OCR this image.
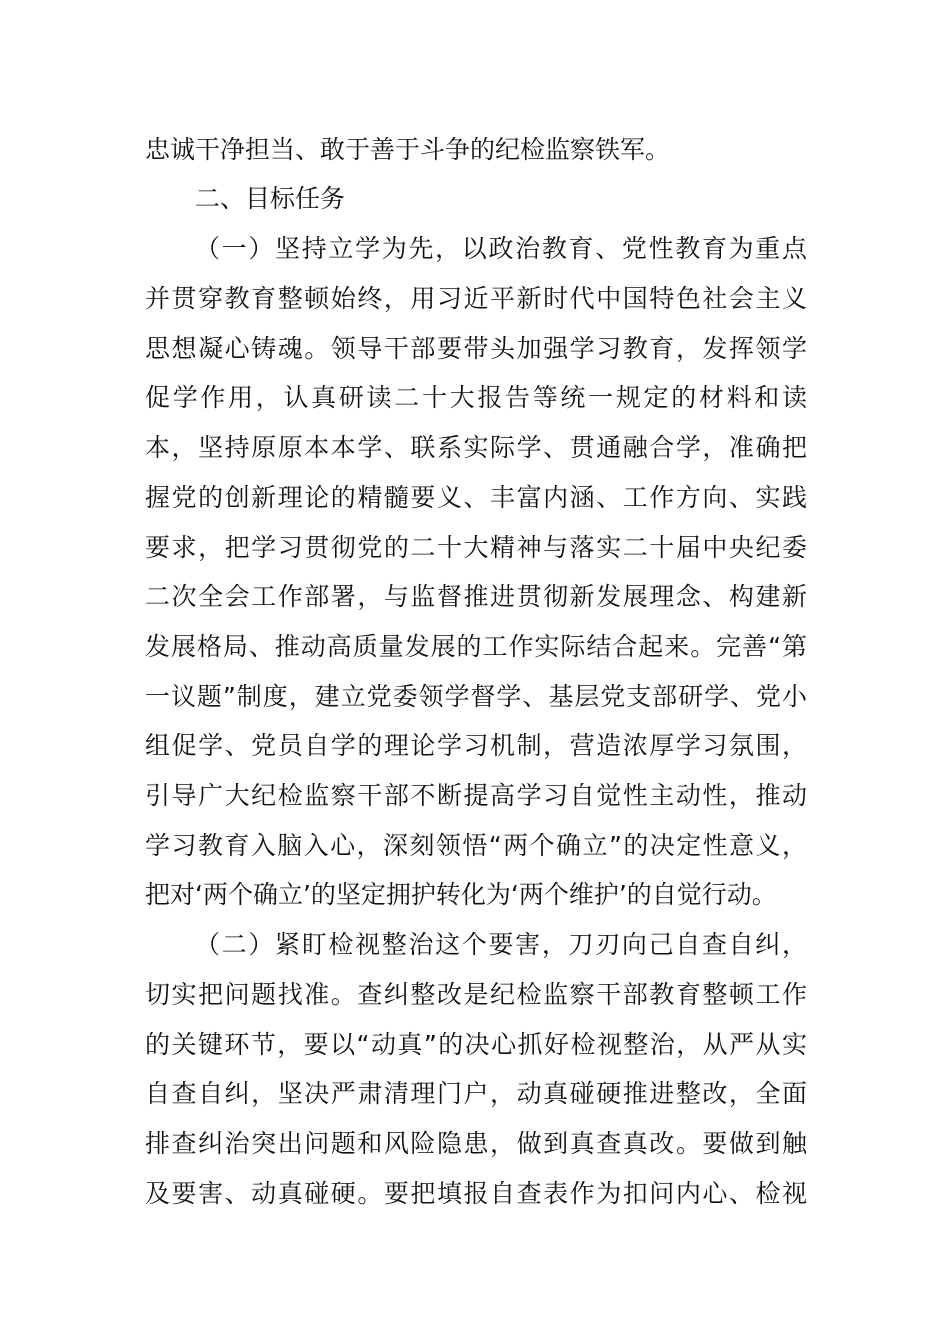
忠诚干净担当、敢于善于斗争的纪检监察铁军。
二、目标任务
（一）坚持立学为先，以政治教育、党性教育为重点
并贯穿教育整顿始终，用习近平新时代中国特色社会主义
思想凝心铸魂。领导干部要带头加强学习教育，发挥领学
促学作用，认真研读二十大报告等统一规定的材料和读
本，坚持原原本本学、联系实际学、贯通融合学，准确把
握党的创新理论的精髓要义、丰富内涵、工作方向、实践
要求，把学习贯彻党的二十大精神与落实二十届中央纪委
二次全会工作部署，与监督推进贯彻新发展理念、构建新
发展格局、推动高质量发展的工作实际结合起来。完善“第
一议题”制度，建立党委领学督学、基层党支部研学、党小
组促学、党员自学的理论学习机制，营造浓厚学习氛围，
引导广大纪检监察干部不断提高学习自觉性主动性，推动
学习教育入脑入心，深刻领悟“两个确立”的决定性意义，
把对‘两个确立’的坚定拥护转化为‘两个维护’的自觉行动。
（二）紧盯检视整治这个要害，刀刃向己自查自纠，
切实把问题找准。查纠整改是纪检监察干部教育整顿工作
的关键环节，要以“动真”的决心抓好检视整治，从严从实
自查自纠，坚决严肃清理门户，动真碰硬推进整改，全面
排查纠治突出问题和风险隐患，做到真查真改。要做到触
及要害、动真碰硬。要把填报自查表作为扣问内心、检视
